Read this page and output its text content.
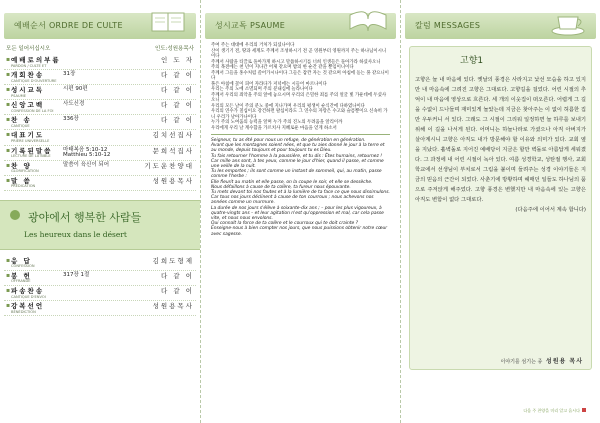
예배순서 ORDRE DE CULTE
모든 일어서십시오	인도:성원용목사
▪ 예배로의부름
PARDON / CULTE ET
인 도 자
▪ 개회찬송
CANTIQUE D'OUVERTURE
31장	다 같 이
▪ 성시교독
PSAUME
시편 90편	다 같 이
▪ 신앙고백
CONFESSION DE LA FOI
사도신경	다 같 이
▪ 찬 송
CANTIQUE
336장	다 같 이
▪ 대표기도
PRIÈRE UNIVERSELLE
김치선집사
▪ 기록된말씀
LECTURE DE LA BIBLE
마태복음 5:10-12
Matthieu 5:10-12
문희석집사
▪ 찬 양
GLORIFICATION
말씀이 육신이 되어	기도운찬양대
▪ 말 씀
PRÉDICATION
성원용목사
광야에서 행복한 사람들
Les heureux dans le désert
▪ 응 답
CONFESSION
김희도형제
▪ 봉 헌
OFFRANDE
317장 1절	다 같 이
▪ 파송찬송
CANTIQUE D'ENVOI
다 같 이
▪ 강복선언
BÉNÉDICTION
성원용목사
성시교독 PSAUME
주여 주는 대대에 우리의 거처가 되셨나이다
산이 생기기 전, 땅과 세계도 주께서 조성하시기 전 곧 영원부터 영원까지 주는 하나님이시니이다
주께서 사람을 티끌로 돌아가게 하시고 말씀하시기를 너희 인생들은 돌아가라 하셨사오니
주의 목전에는 천 년이 지나간 어제 같으며 밤의 한 순간 같을 뿐임이니이다
주께서 그들을 홍수처럼 쓸어가시나이다 그들은 잠깐 자는 것 같으며 아침에 돋는 풀 같으니이다
풀은 아침에 꽃이 피어 자라다가 저녁에는 시들어 마르나이다
우리는 주의 노에 소멸되며 주의 분내심에 놀라나이다
주께서 우리의 죄악을 주의 앞에 놓으시며 우리의 은밀한 죄를 주의 얼굴 빛 가운데에 두셨사오니
우리의 모든 날이 주의 분노 중에 지나가며 우리의 평생이 순식간에 다하였나이다
우리의 연수가 칠십이요 강건하면 팔십이라도 그 연수의 자랑은 수고와 슬픔뿐이요 신속히 가니 우리가 날아가나이다
누가 주의 노여움의 능력을 알며 누가 주의 진노의 두려움을 알리이까
우리에게 우리 날 계수함을 가르치사 지혜로운 마음을 얻게 하소서
Seigneur, tu as été pour nous un refuge, de génération en génération.
Avant que les montagnes soient nées, et que tu aies donné le jour à la terre et au monde, depuis toujours et pour toujours tu es Dieu.
Tu fais retourner l'homme à la poussière, et tu dis : Êtes humains, retournez !
Car mille ans sont, à tes yeux, comme le jour d'hier, quand il passe, et comme une veille de la nuit.
Tu les emportes ; ils sont comme un instant de sommeil, qui, au matin, passe comme l'herbe :
Elle fleurit au matin et elle passe, on la coupe le soir, et elle se dessèche.
Nous défaillons à cause de ta colère, ta fureur nous épouvante.
Tu mets devant toi nos fautes et à la lumière de ta face ce que nous dissimulons.
Car tous nos jours déclinent à cause de ton courroux ; nous achevons nos années comme un murmure.
La durée de nos jours s'élève à soixante-dix ans ; – pour les plus vigoureux, à quatre-vingts ans – et leur agitation n'est qu'oppression et mal, car cela passe vite, et nous nous envolons.
Qui connaît la force de ta colère et le courroux qui te doit crainte ?
Enseigne-nous à bien compter nos jours, que nous puissions obtenir notre cœur avec sagesse.
칼럼 MESSAGES
고향1
고향은 늘 내 마음에 있다. 옛날의 풍경은 사라지고 낯선 모습을 하고 있지만 내 마음속에 그려진 고향은 그대로다. 고향길을 걸었다. 어린 시절의 추억이 내 마음에 영상으로 흐른다. 세 개의 이웃집이 떠오른다. 어렵게 그 길을 수없이 드나들며 재미있게 놀았는데 지금은 찾아주는 이 없이 허름한 집만 우두커니 서 있다. 그래도 그 시절이 그리워 일정하면 늘 하루를 보내기 위해 이 길을 나서게 된다. 어머니는 하늘나라로 가셨으나 아직 아버지가 살아계시니 고향은 아직도 내가 방문해야 할 이유와 의미가 있다. 교회 옆을 지났다. 훔벽돌로 지어진 예배당이 지금은 할만 벽돌로 아름답게 세워졌다. 그 과정에 내 어린 시절이 녹아 있다. 여름 성경학교, 성탄절 행사, 교회 학교에서 선생님이 부치로서 그림을 붙이며 들려주는 성경 이야기들은 지금의 믿음의 근간이 되었다. 사춘기에 방황하며 헤매던 일들도 하나님의 품으로 주저앉게 해주었다. 고향 풍경은 변했지만 내 마음속에 있는 고향은 아직도 변함이 없다 그대로다.
(다음주에 이어서 계속 합니다)
이야기를 섬기는 종 성원용 목사
다음 주 찬양을 미리 알고 옵시다
